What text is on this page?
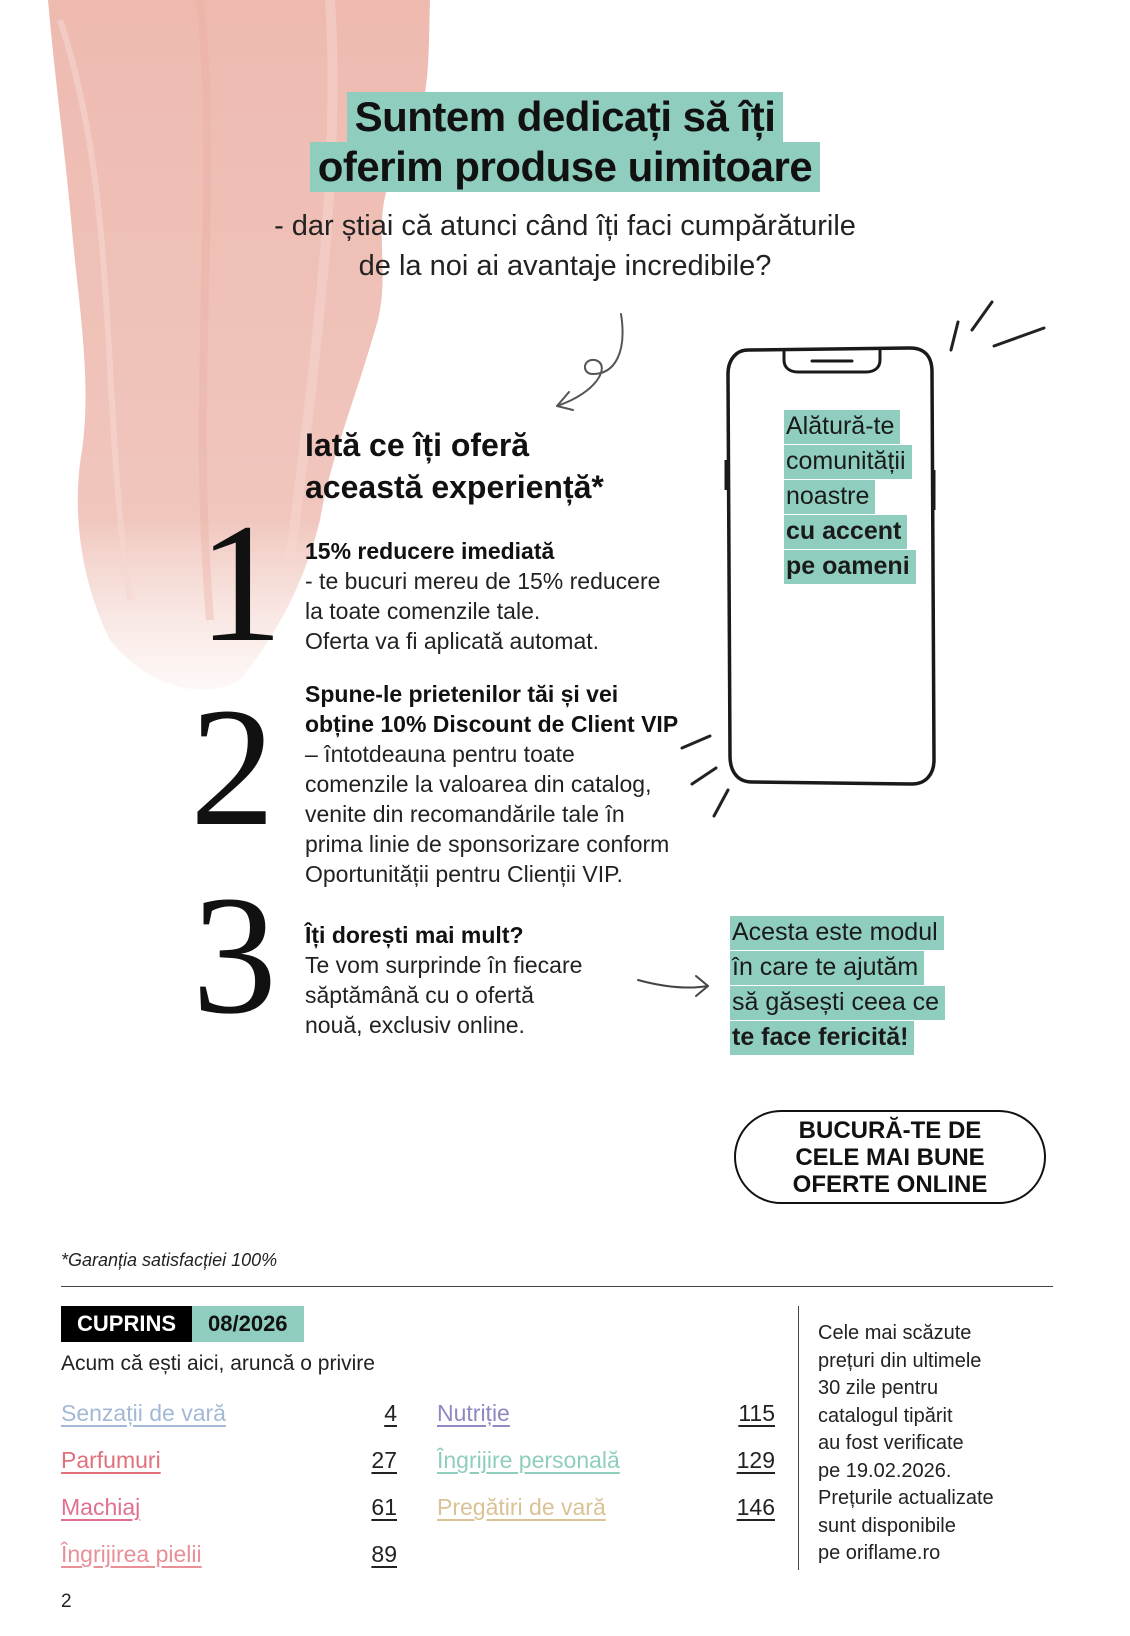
Suntem dedicați să îți
oferim produse uimitoare
- dar știai că atunci când îți faci cumpărăturile
de la noi ai avantaje incredibile?
Iată ce îți oferă
această experiență*
1 15% reducere imediată
- te bucuri mereu de 15% reducere
la toate comenzile tale.
Oferta va fi aplicată automat.
2 Spune-le prietenilor tăi și vei
obține 10% Discount de Client VIP
– întotdeauna pentru toate
comenzile la valoarea din catalog,
venite din recomandările tale în
prima linie de sponsorizare conform
Oportunității pentru Clienții VIP.
3 Îți dorești mai mult?
Te vom surprinde în fiecare
săptămână cu o ofertă
nouă, exclusiv online.
Alătură-te
comunității
noastre
cu accent
pe oameni
Acesta este modul
în care te ajutăm
să găsești ceea ce
te face fericită!
BUCURĂ-TE DE
CELE MAI BUNE
OFERTE ONLINE
*Garanția satisfacției 100%
CUPRINS	08/2026
Acum că ești aici, aruncă o privire
Senzații de vară	4
Parfumuri	27
Machiaj	61
Îngrijirea pielii	89
Nutriție	115
Îngrijire personală	129
Pregătiri de vară	146
Cele mai scăzute
prețuri din ultimele
30 zile pentru
catalogul tipărit
au fost verificate
pe 19.02.2026.
Prețurile actualizate
sunt disponibile
pe oriflame.ro
2
